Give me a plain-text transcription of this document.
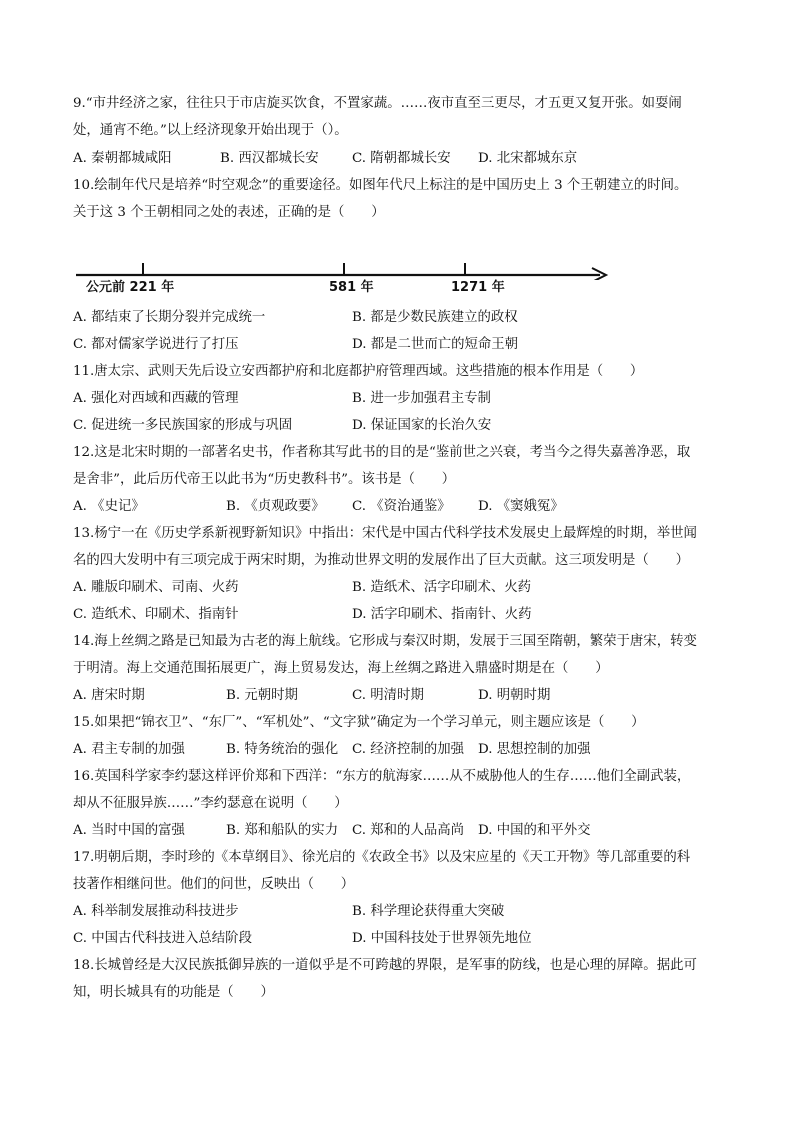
9.“市井经济之家，往往只于市店旋买饮食，不置家蔬。……夜市直至三更尽，才五更又复开张。如耍闹
处，通宵不绝。”以上经济现象开始出现于（）。
A. 秦朝都城咸阳	B. 西汉都城长安 C. 隋朝都城长安 D. 北宋都城东京
10.绘制年代尺是培养“时空观念”的重要途径。如图年代尺上标注的是中国历史上 3 个王朝建立的时间。
关于这 3 个王朝相同之处的表述，正确的是（　　）
公元前 221 年	581 年	1271 年
A. 都结束了长期分裂并完成统一	B. 都是少数民族建立的政权
C. 都对儒家学说进行了打压	D. 都是二世而亡的短命王朝
11.唐太宗、武则天先后设立安西都护府和北庭都护府管理西域。这些措施的根本作用是（　　）
A. 强化对西域和西藏的管理	B. 进一步加强君主专制
C. 促进统一多民族国家的形成与巩固	D. 保证国家的长治久安
12.这是北宋时期的一部著名史书，作者称其写此书的目的是“鉴前世之兴衰，考当今之得失嘉善净恶，取
是舍非”，此后历代帝王以此书为“历史教科书”。该书是（　　）
A. 《史记》	B. 《贞观政要》 C. 《资治通鉴》 D. 《窦娥冤》
13.杨宁一在《历史学系新视野新知识》中指出：宋代是中国古代科学技术发展史上最辉煌的时期，举世闻
名的四大发明中有三项完成于两宋时期，为推动世界文明的发展作出了巨大贡献。这三项发明是（　　）
A. 雕版印刷术、司南、火药	B. 造纸术、活字印刷术、火药
C. 造纸术、印刷术、指南针	D. 活字印刷术、指南针、火药
14.海上丝绸之路是已知最为古老的海上航线。它形成与秦汉时期，发展于三国至隋朝，繁荣于唐宋，转变
于明清。海上交通范围拓展更广，海上贸易发达，海上丝绸之路进入鼎盛时期是在（　　）
A. 唐宋时期	B. 元朝时期	C. 明清时期	D. 明朝时期
15.如果把“锦衣卫”、“东厂”、“军机处”、“文字狱”确定为一个学习单元，则主题应该是（　　）
A. 君主专制的加强	B. 特务统治的强化 C. 经济控制的加强 D. 思想控制的加强
16.英国科学家李约瑟这样评价郑和下西洋：“东方的航海家……从不威胁他人的生存……他们全副武装，
却从不征服异族……”李约瑟意在说明（　　）
A. 当时中国的富强	B. 郑和船队的实力 C. 郑和的人品高尚 D. 中国的和平外交
17.明朝后期，李时珍的《本草纲目》、徐光启的《农政全书》以及宋应星的《天工开物》等几部重要的科
技著作相继问世。他们的问世，反映出（　　）
A. 科举制发展推动科技进步	B. 科学理论获得重大突破
C. 中国古代科技进入总结阶段	D. 中国科技处于世界领先地位
18.长城曾经是大汉民族抵御异族的一道似乎是不可跨越的界限，是军事的防线，也是心理的屏障。据此可
知，明长城具有的功能是（　　）
